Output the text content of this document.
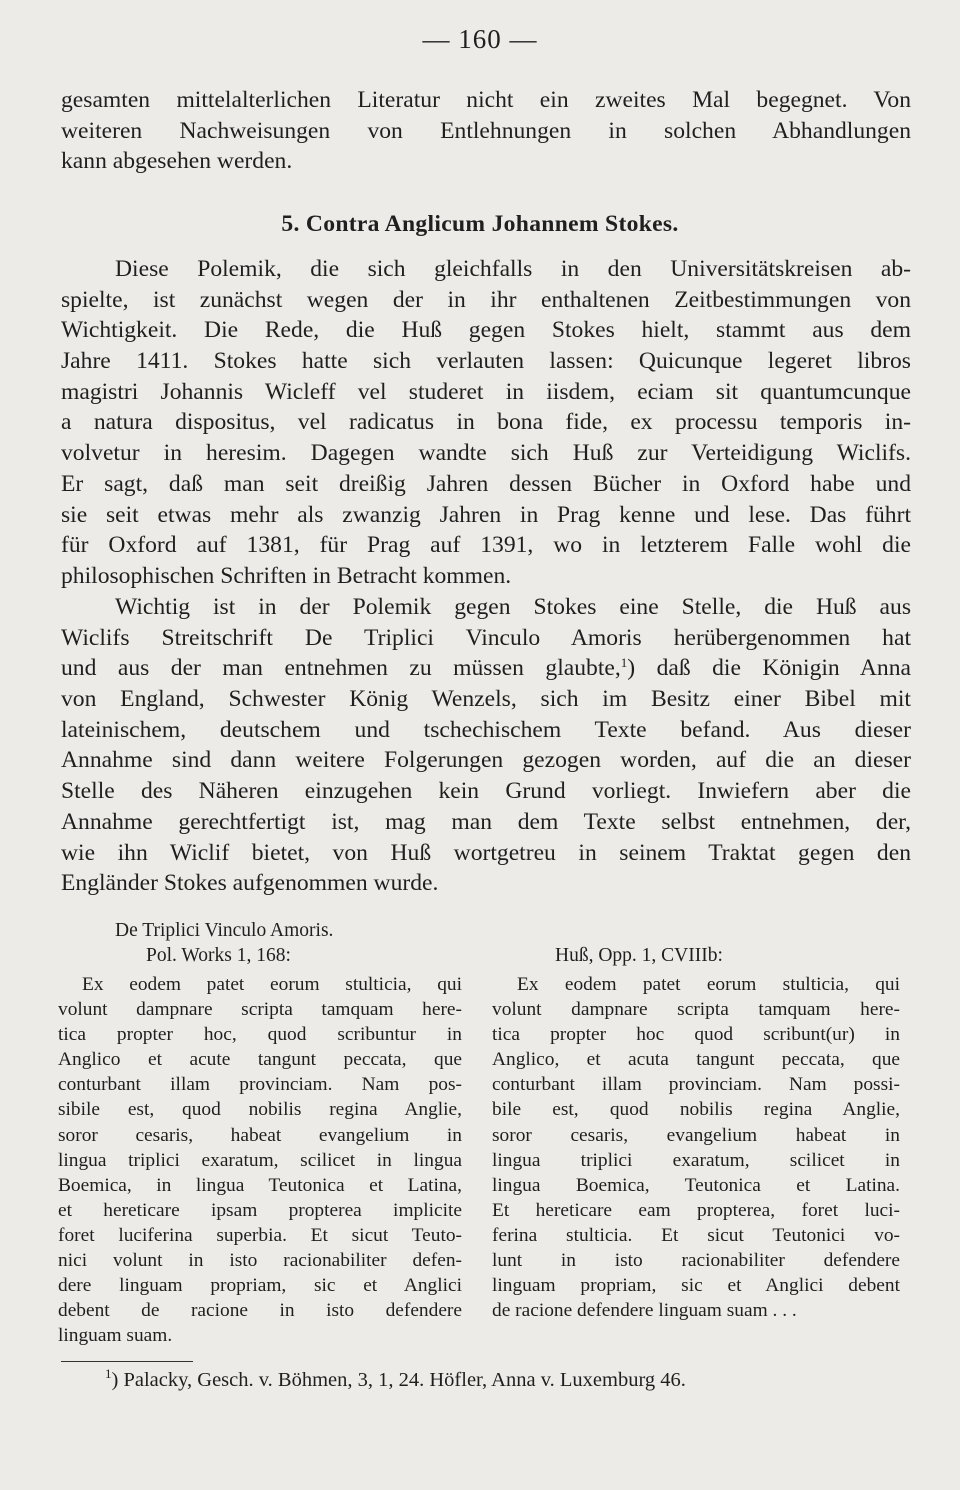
— 160 —
gesamten mittelalterlichen Literatur nicht ein zweites Mal begegnet. Von
weiteren Nachweisungen von Entlehnungen in solchen Abhandlungen
kann abgesehen werden.
5. Contra Anglicum Johannem Stokes.
Diese Polemik, die sich gleichfalls in den Universitätskreisen ab-
spielte, ist zunächst wegen der in ihr enthaltenen Zeitbestimmungen von
Wichtigkeit. Die Rede, die Huß gegen Stokes hielt, stammt aus dem
Jahre 1411. Stokes hatte sich verlauten lassen: Quicunque legeret libros
magistri Johannis Wicleff vel studeret in iisdem, eciam sit quantumcunque
a natura dispositus, vel radicatus in bona fide, ex processu temporis in-
volvetur in heresim. Dagegen wandte sich Huß zur Verteidigung Wiclifs.
Er sagt, daß man seit dreißig Jahren dessen Bücher in Oxford habe und
sie seit etwas mehr als zwanzig Jahren in Prag kenne und lese. Das führt
für Oxford auf 1381, für Prag auf 1391, wo in letzterem Falle wohl die
philosophischen Schriften in Betracht kommen.
Wichtig ist in der Polemik gegen Stokes eine Stelle, die Huß aus
Wiclifs Streitschrift De Triplici Vinculo Amoris herübergenommen hat
und aus der man entnehmen zu müssen glaubte,$^1$) daß die Königin Anna
von England, Schwester König Wenzels, sich im Besitz einer Bibel mit
lateinischem, deutschem und tschechischem Texte befand. Aus dieser
Annahme sind dann weitere Folgerungen gezogen worden, auf die an dieser
Stelle des Näheren einzugehen kein Grund vorliegt. Inwiefern aber die
Annahme gerechtfertigt ist, mag man dem Texte selbst entnehmen, der,
wie ihn Wiclif bietet, von Huß wortgetreu in seinem Traktat gegen den
Engländer Stokes aufgenommen wurde.
De Triplici Vinculo Amoris.
Pol. Works 1, 168:
Ex eodem patet eorum stulticia, qui
volunt dampnare scripta tamquam here-
tica propter hoc, quod scribuntur in
Anglico et acute tangunt peccata, que
conturbant illam provinciam. Nam pos-
sibile est, quod nobilis regina Anglie,
soror cesaris, habeat evangelium in
lingua triplici exaratum, scilicet in lingua
Boemica, in lingua Teutonica et Latina,
et hereticare ipsam propterea implicite
foret luciferina superbia. Et sicut Teuto-
nici volunt in isto racionabiliter defen-
dere linguam propriam, sic et Anglici
debent de racione in isto defendere
linguam suam.
Huß, Opp. 1, CVIIIb:
Ex eodem patet eorum stulticia, qui
volunt dampnare scripta tamquam here-
tica propter hoc quod scribunt(ur) in
Anglico, et acuta tangunt peccata, que
conturbant illam provinciam. Nam possi-
bile est, quod nobilis regina Anglie,
soror cesaris, evangelium habeat in
lingua triplici exaratum, scilicet in
lingua Boemica, Teutonica et Latina.
Et hereticare eam propterea, foret luci-
ferina stulticia. Et sicut Teutonici vo-
lunt in isto racionabiliter defendere
linguam propriam, sic et Anglici debent
de racione defendere linguam suam . . .
$^1$) Palacky, Gesch. v. Böhmen, 3, 1, 24. Höfler, Anna v. Luxemburg 46.
